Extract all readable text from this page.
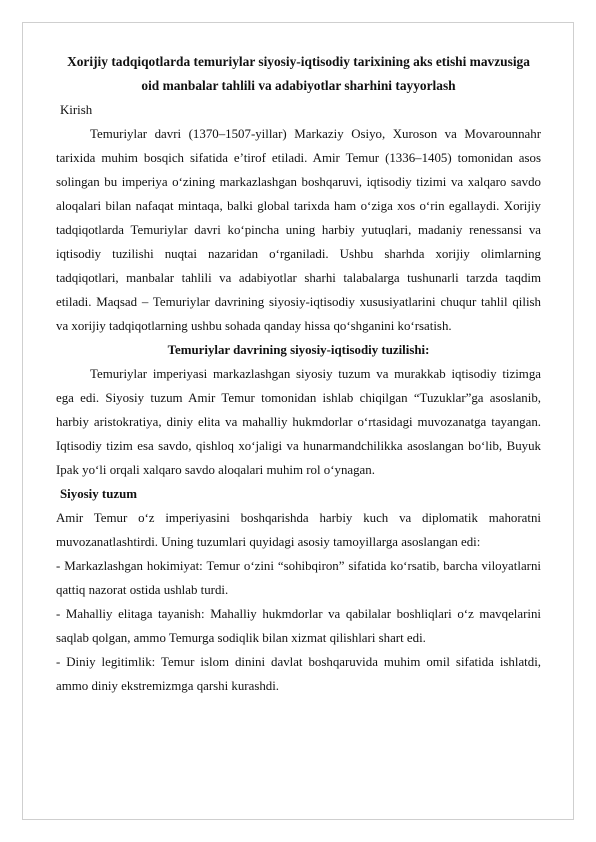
Xorijiy tadqiqotlarda temuriylar siyosiy-iqtisodiy tarixining aks etishi mavzusiga oid manbalar tahlili va adabiyotlar sharhini tayyorlash

Kirish

Temuriylar davri (1370–1507-yillar) Markaziy Osiyo, Xuroson va Movarounnahr tarixida muhim bosqich sifatida e’tirof etiladi. Amir Temur (1336–1405) tomonidan asos solingan bu imperiya o‘zining markazlashgan boshqaruvi, iqtisodiy tizimi va xalqaro savdo aloqalari bilan nafaqat mintaqa, balki global tarixda ham o‘ziga xos o‘rin egallaydi. Xorijiy tadqiqotlarda Temuriylar davri ko‘pincha uning harbiy yutuqlari, madaniy renessansi va iqtisodiy tuzilishi nuqtai nazaridan o‘rganiladi. Ushbu sharhda xorijiy olimlarning tadqiqotlari, manbalar tahlili va adabiyotlar sharhi talabalarga tushunarli tarzda taqdim etiladi. Maqsad – Temuriylar davrining siyosiy-iqtisodiy xususiyatlarini chuqur tahlil qilish va xorijiy tadqiqotlarning ushbu sohada qanday hissa qo‘shganini ko‘rsatish.

Temuriylar davrining siyosiy-iqtisodiy tuzilishi:

Temuriylar imperiyasi markazlashgan siyosiy tuzum va murakkab iqtisodiy tizimga ega edi. Siyosiy tuzum Amir Temur tomonidan ishlab chiqilgan “Tuzuklar”ga asoslanib, harbiy aristokratiya, diniy elita va mahalliy hukmdorlar o‘rtasidagi muvozanatga tayangan. Iqtisodiy tizim esa savdo, qishloq xo‘jaligi va hunarmandchilikka asoslangan bo‘lib, Buyuk Ipak yo‘li orqali xalqaro savdo aloqalari muhim rol o‘ynagan.

Siyosiy tuzum

Amir Temur o‘z imperiyasini boshqarishda harbiy kuch va diplomatik mahoratni muvozanatlashtirdi. Uning tuzumlari quyidagi asosiy tamoyillarga asoslangan edi:

- Markazlashgan hokimiyat: Temur o‘zini “sohibqiron” sifatida ko‘rsatib, barcha viloyatlarni qattiq nazorat ostida ushlab turdi.

- Mahalliy elitaga tayanish: Mahalliy hukmdorlar va qabilalar boshliqlari o‘z mavqelarini saqlab qolgan, ammo Temurga sodiqlik bilan xizmat qilishlari shart edi.

- Diniy legitimlik: Temur islom dinini davlat boshqaruvida muhim omil sifatida ishlatdi, ammo diniy ekstremizmga qarshi kurashdi.
